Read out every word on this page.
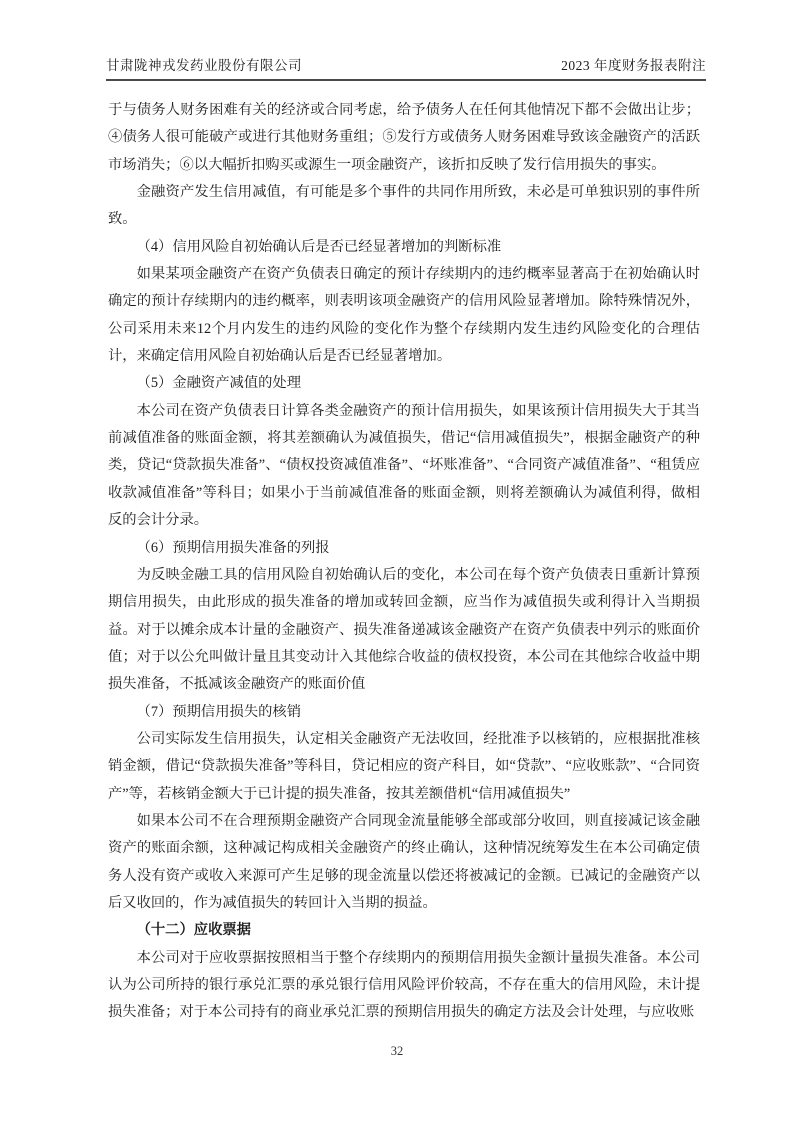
甘肃陇神戎发药业股份有限公司	2023 年度财务报表附注

于与债务人财务困难有关的经济或合同考虑，给予债务人在任何其他情况下都不会做出让步；④债务人很可能破产或进行其他财务重组；⑤发行方或债务人财务困难导致该金融资产的活跃市场消失；⑥以大幅折扣购买或源生一项金融资产，该折扣反映了发行信用损失的事实。

金融资产发生信用减值，有可能是多个事件的共同作用所致，未必是可单独识别的事件所致。

（4）信用风险自初始确认后是否已经显著增加的判断标准

如果某项金融资产在资产负债表日确定的预计存续期内的违约概率显著高于在初始确认时确定的预计存续期内的违约概率，则表明该项金融资产的信用风险显著增加。除特殊情况外，公司采用未来12个月内发生的违约风险的变化作为整个存续期内发生违约风险变化的合理估计，来确定信用风险自初始确认后是否已经显著增加。

（5）金融资产减值的处理

本公司在资产负债表日计算各类金融资产的预计信用损失，如果该预计信用损失大于其当前减值准备的账面金额，将其差额确认为减值损失，借记“信用减值损失”，根据金融资产的种类，贷记“贷款损失准备”、“债权投资减值准备”、“坏账准备”、“合同资产减值准备”、“租赁应收款减值准备”等科目；如果小于当前减值准备的账面金额，则将差额确认为减值利得，做相反的会计分录。

（6）预期信用损失准备的列报

为反映金融工具的信用风险自初始确认后的变化，本公司在每个资产负债表日重新计算预期信用损失，由此形成的损失准备的增加或转回金额，应当作为减值损失或利得计入当期损益。对于以摊余成本计量的金融资产、损失准备递减该金融资产在资产负债表中列示的账面价值；对于以公允叫做计量且其变动计入其他综合收益的债权投资，本公司在其他综合收益中期损失准备，不抵减该金融资产的账面价值

（7）预期信用损失的核销

公司实际发生信用损失，认定相关金融资产无法收回，经批准予以核销的，应根据批准核销金额，借记“贷款损失准备”等科目，贷记相应的资产科目，如“贷款”、“应收账款”、“合同资产”等，若核销金额大于已计提的损失准备，按其差额借机“信用减值损失”

如果本公司不在合理预期金融资产合同现金流量能够全部或部分收回，则直接减记该金融资产的账面余额，这种减记构成相关金融资产的终止确认，这种情况统筹发生在本公司确定债务人没有资产或收入来源可产生足够的现金流量以偿还将被减记的金额。已减记的金融资产以后又收回的，作为减值损失的转回计入当期的损益。

（十二）应收票据

本公司对于应收票据按照相当于整个存续期内的预期信用损失金额计量损失准备。本公司认为公司所持的银行承兑汇票的承兑银行信用风险评价较高，不存在重大的信用风险，未计提损失准备；对于本公司持有的商业承兑汇票的预期信用损失的确定方法及会计处理，与应收账

32
